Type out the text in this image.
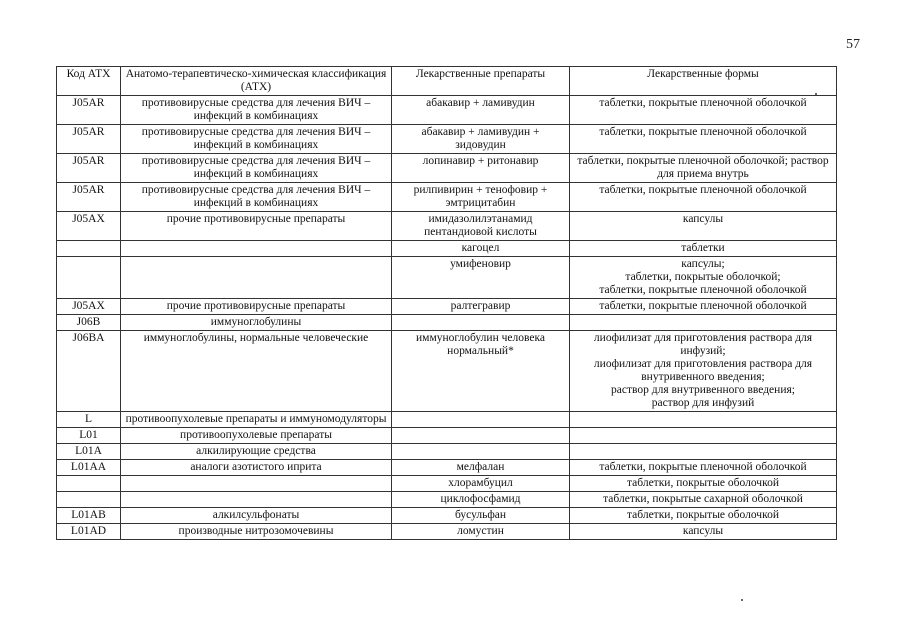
57
Код АТХ	Анатомо-терапевтическо-химическая классификация (АТХ)	Лекарственные препараты	Лекарственные формы
J05AR	противовирусные средства для лечения ВИЧ – инфекций в комбинациях	абакавир + ламивудин	таблетки, покрытые пленочной оболочкой
J05AR	противовирусные средства для лечения ВИЧ – инфекций в комбинациях	абакавир + ламивудин + зидовудин	таблетки, покрытые пленочной оболочкой
J05AR	противовирусные средства для лечения ВИЧ – инфекций в комбинациях	лопинавир + ритонавир	таблетки, покрытые пленочной оболочкой; раствор для приема внутрь
J05AR	противовирусные средства для лечения ВИЧ – инфекций в комбинациях	рилпивирин + тенофовир + эмтрицитабин	таблетки, покрытые пленочной оболочкой
J05AX	прочие противовирусные препараты	имидазолилэтанамид пентандиовой кислоты	капсулы
		кагоцел	таблетки
		умифеновир	капсулы;
таблетки, покрытые оболочкой;
таблетки, покрытые пленочной оболочкой
J05AX	прочие противовирусные препараты	ралтегравир	таблетки, покрытые пленочной оболочкой
J06B	иммуноглобулины		
J06BA	иммуноглобулины, нормальные человеческие	иммуноглобулин человека нормальный*	лиофилизат для приготовления раствора для инфузий;
лиофилизат для приготовления раствора для внутривенного введения;
раствор для внутривенного введения;
раствор для инфузий
L	противоопухолевые препараты и иммуномодуляторы		
L01	противоопухолевые препараты		
L01A	алкилирующие средства		
L01AA	аналоги азотистого иприта	мелфалан	таблетки, покрытые пленочной оболочкой
		хлорамбуцил	таблетки, покрытые оболочкой
		циклофосфамид	таблетки, покрытые сахарной оболочкой
L01AB	алкилсульфонаты	бусульфан	таблетки, покрытые оболочкой
L01AD	производные нитрозомочевины	ломустин	капсулы
